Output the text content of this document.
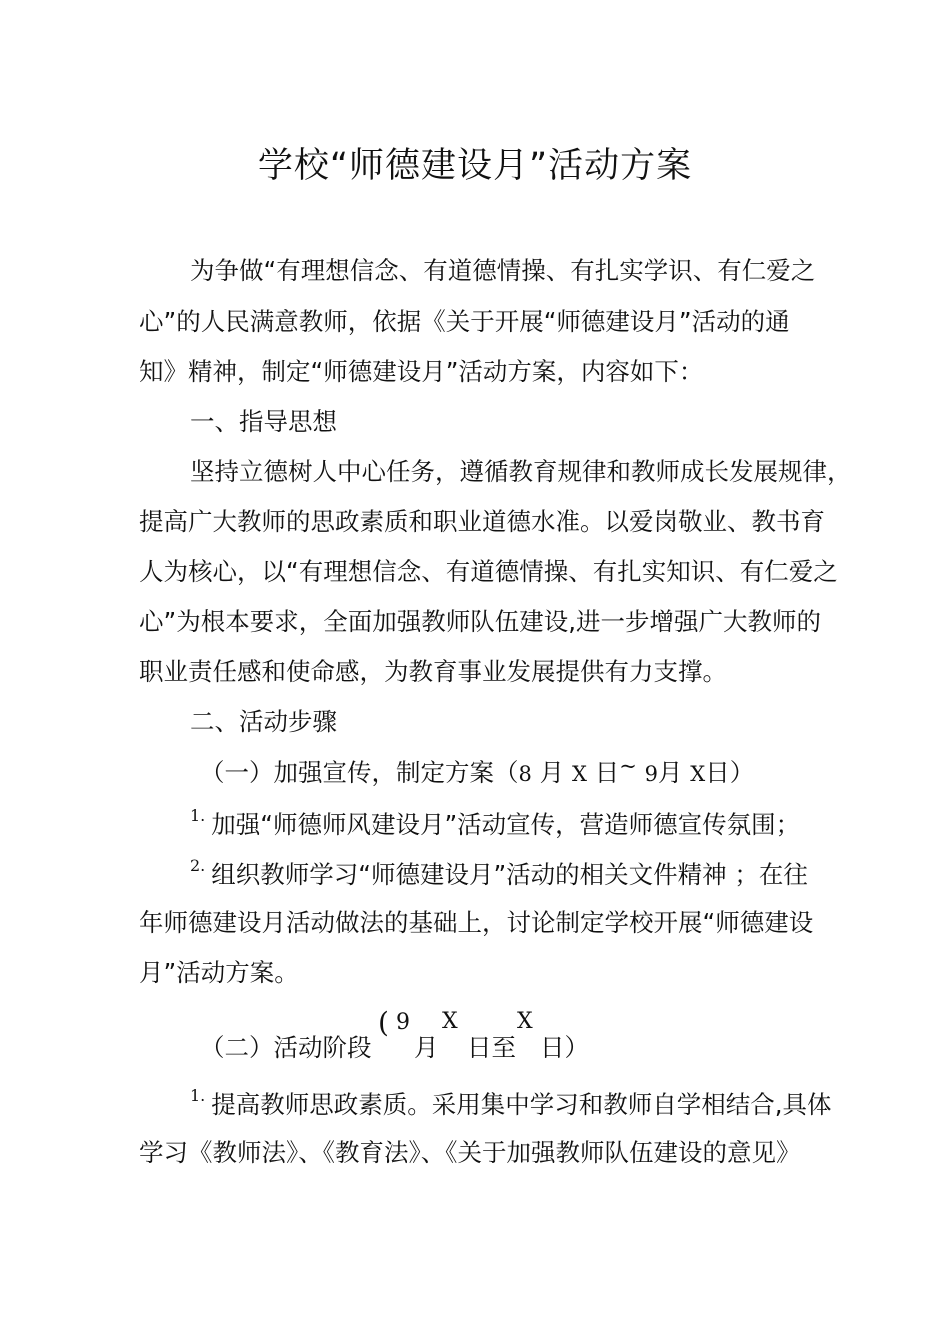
学校“师德建设月”活动方案
为争做“有理想信念、有道德情操、有扎实学识、有仁爱之
心”的人民满意教师，依据《关于开展“师德建设月”活动的通
知》精神，制定“师德建设月”活动方案，内容如下：
一、指导思想
坚持立德树人中心任务，遵循教育规律和教师成长发展规律，
提高广大教师的思政素质和职业道德水准。以爱岗敬业、教书育
人为核心，以“有理想信念、有道德情操、有扎实知识、有仁爱之
心”为根本要求，全面加强教师队伍建设,进一步增强广大教师的
职业责任感和使命感，为教育事业发展提供有力支撑。
二、活动步骤
（一）加强宣传，制定方案（8 月 X 日~ 9月 X日）
$^{1.}$ 加强“师德师风建设月”活动宣传，营造师德宣传氛围；
$^{2.}$ 组织教师学习“师德建设月”活动的相关文件精神 ；在往
年师德建设月活动做法的基础上，讨论制定学校开展“师德建设
月”活动方案。
（二）活动阶段
( 9 X	X
月 日至 日）
$^{1.}$ 提高教师思政素质。采用集中学习和教师自学相结合,具体
学习《教师法》、《教育法》、《关于加强教师队伍建设的意见》
